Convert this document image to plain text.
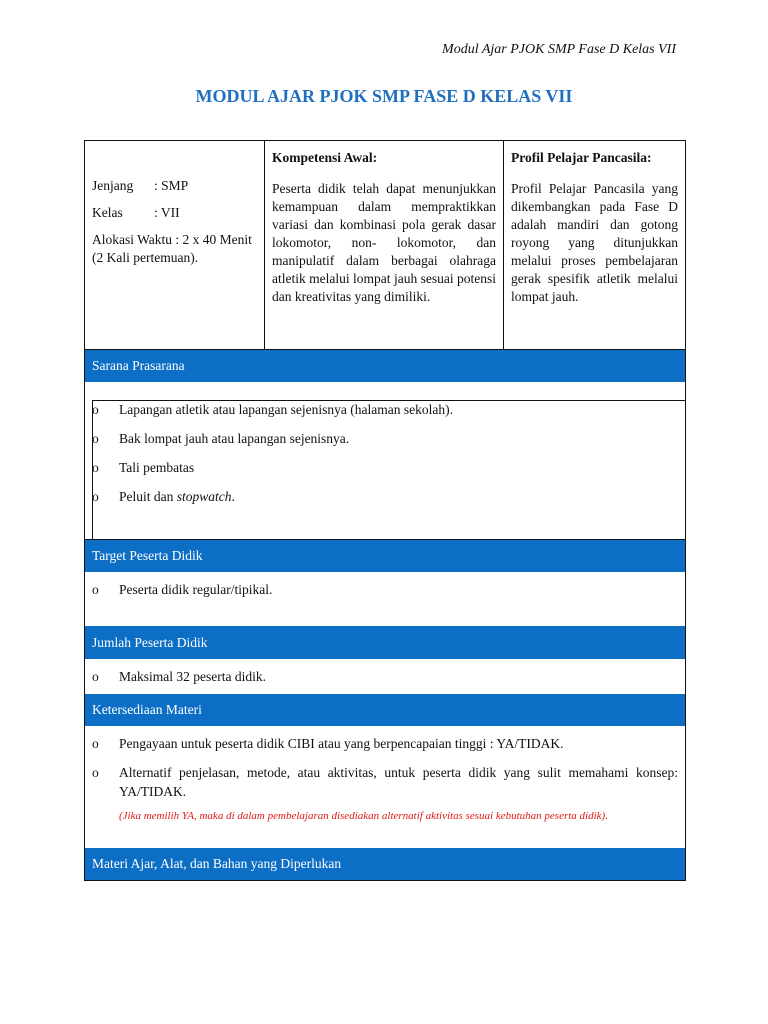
Modul Ajar PJOK SMP Fase D Kelas VII
MODUL AJAR PJOK SMP FASE D KELAS VII

Jenjang : SMP

Kelas : VII

Alokasi Waktu : 2 x 40 Menit (2 Kali pertemuan).

Kompetensi Awal:

Peserta didik telah dapat menunjukkan kemampuan dalam mempraktikkan variasi dan kombinasi pola gerak dasar lokomotor, non- lokomotor, dan manipulatif dalam berbagai olahraga atletik melalui lompat jauh sesuai potensi dan kreativitas yang dimiliki.

Profil Pelajar Pancasila:

Profil Pelajar Pancasila yang dikembangkan pada Fase D adalah mandiri dan gotong royong yang ditunjukkan melalui proses pembelajaran gerak spesifik atletik melalui lompat jauh.

Sarana Prasarana
o Lapangan atletik atau lapangan sejenisnya (halaman sekolah).
o Bak lompat jauh atau lapangan sejenisnya.
o Tali pembatas
o Peluit dan stopwatch.
Target Peserta Didik
o Peserta didik regular/tipikal.
Jumlah Peserta Didik
o Maksimal 32 peserta didik.
Ketersediaan Materi
o Pengayaan untuk peserta didik CIBI atau yang berpencapaian tinggi : YA/TIDAK.
o Alternatif penjelasan, metode, atau aktivitas, untuk peserta didik yang sulit memahami konsep: YA/TIDAK.
(Jika memilih YA, maka di dalam pembelajaran disediakan alternatif aktivitas sesuai kebutuhan peserta didik).
Materi Ajar, Alat, dan Bahan yang Diperlukan
